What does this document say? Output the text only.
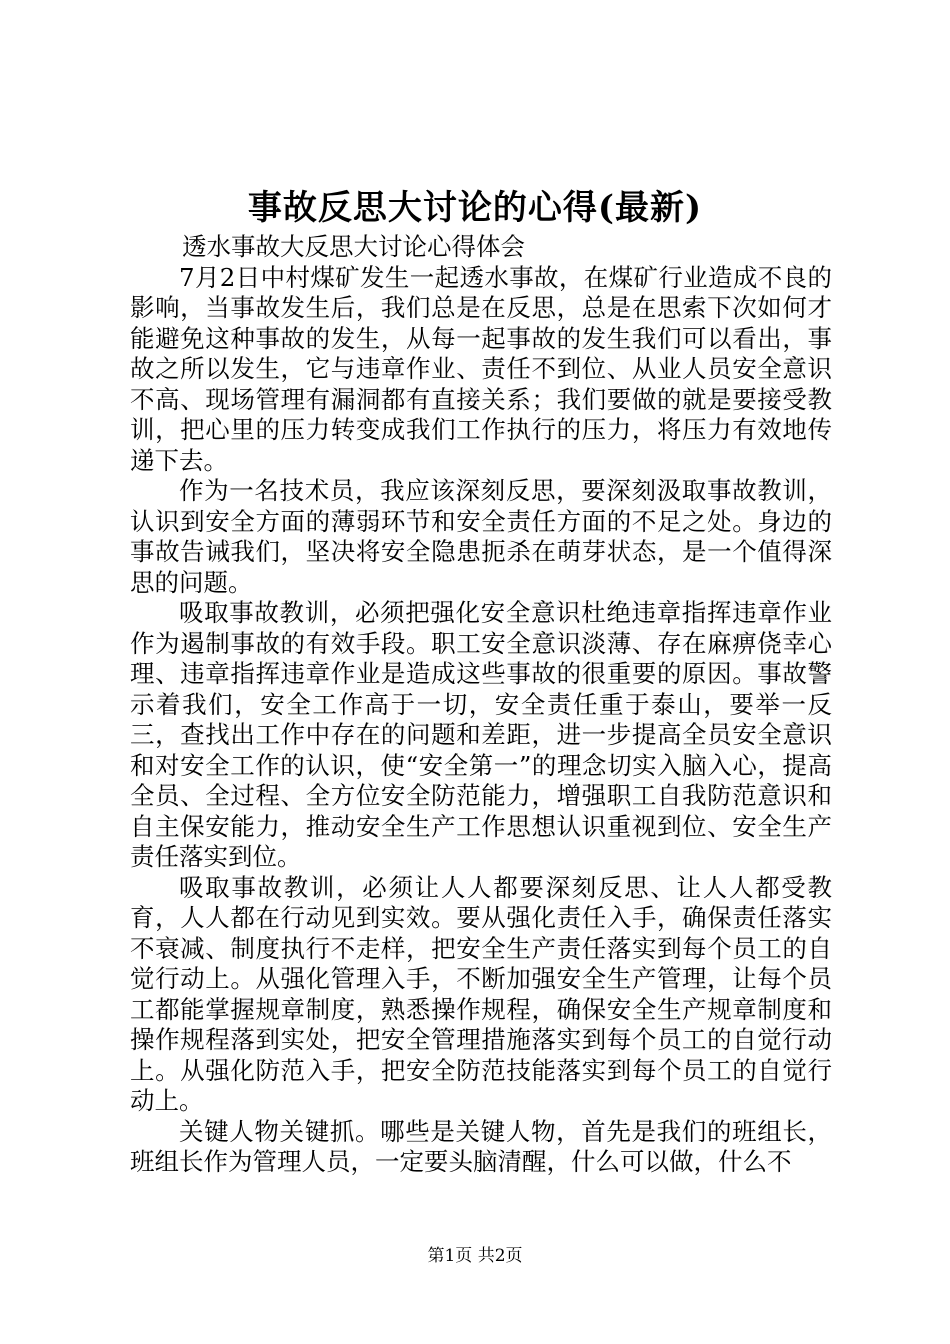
事故反思大讨论的心得(最新)

透水事故大反思大讨论心得体会

7月2日中村煤矿发生一起透水事故，在煤矿行业造成不良的影响，当事故发生后，我们总是在反思，总是在思索下次如何才能避免这种事故的发生，从每一起事故的发生我们可以看出，事故之所以发生，它与违章作业、责任不到位、从业人员安全意识不高、现场管理有漏洞都有直接关系；我们要做的就是要接受教训，把心里的压力转变成我们工作执行的压力，将压力有效地传递下去。

作为一名技术员，我应该深刻反思，要深刻汲取事故教训，认识到安全方面的薄弱环节和安全责任方面的不足之处。身边的事故告诫我们，坚决将安全隐患扼杀在萌芽状态，是一个值得深思的问题。

吸取事故教训，必须把强化安全意识杜绝违章指挥违章作业作为遏制事故的有效手段。职工安全意识淡薄、存在麻痹侥幸心理、违章指挥违章作业是造成这些事故的很重要的原因。事故警示着我们，安全工作高于一切，安全责任重于泰山，要举一反三，查找出工作中存在的问题和差距，进一步提高全员安全意识和对安全工作的认识，使“安全第一”的理念切实入脑入心，提高全员、全过程、全方位安全防范能力，增强职工自我防范意识和自主保安能力，推动安全生产工作思想认识重视到位、安全生产责任落实到位。

吸取事故教训，必须让人人都要深刻反思、让人人都受教育，人人都在行动见到实效。要从强化责任入手，确保责任落实不衰减、制度执行不走样，把安全生产责任落实到每个员工的自觉行动上。从强化管理入手，不断加强安全生产管理，让每个员工都能掌握规章制度，熟悉操作规程，确保安全生产规章制度和操作规程落到实处，把安全管理措施落实到每个员工的自觉行动上。从强化防范入手，把安全防范技能落实到每个员工的自觉行动上。

关键人物关键抓。哪些是关键人物，首先是我们的班组长，班组长作为管理人员，一定要头脑清醒，什么可以做，什么不

第1页 共2页
